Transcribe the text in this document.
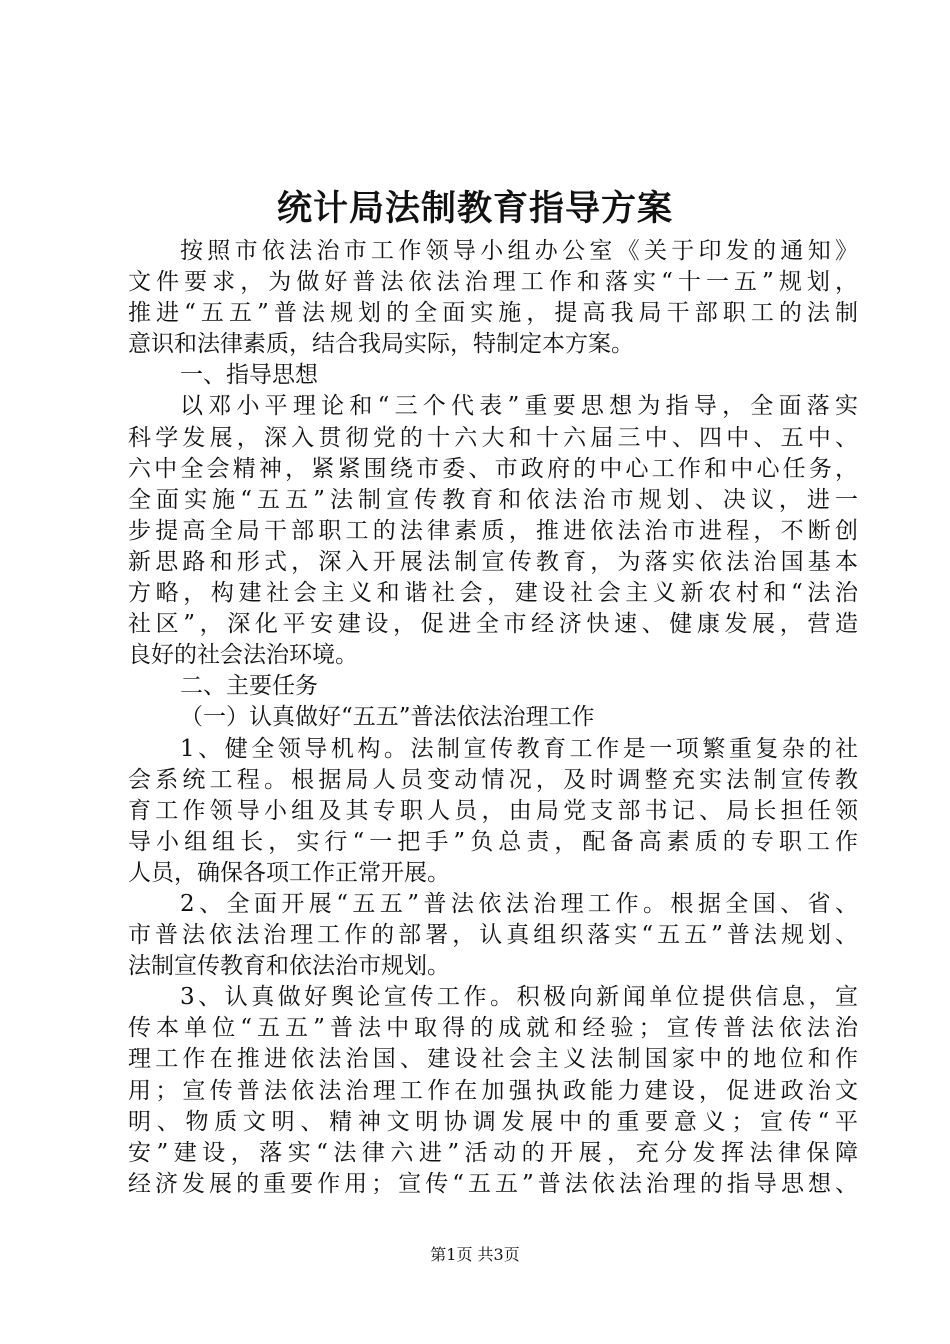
统计局法制教育指导方案
按照市依法治市工作领导小组办公室《关于印发的通知》
文件要求，为做好普法依法治理工作和落实“十一五”规划，
推进“五五”普法规划的全面实施，提高我局干部职工的法制
意识和法律素质，结合我局实际，特制定本方案。
一、指导思想
以邓小平理论和“三个代表”重要思想为指导，全面落实
科学发展，深入贯彻党的十六大和十六届三中、四中、五中、
六中全会精神，紧紧围绕市委、市政府的中心工作和中心任务，
全面实施“五五”法制宣传教育和依法治市规划、决议，进一
步提高全局干部职工的法律素质，推进依法治市进程，不断创
新思路和形式，深入开展法制宣传教育，为落实依法治国基本
方略，构建社会主义和谐社会，建设社会主义新农村和“法治
社区”，深化平安建设，促进全市经济快速、健康发展，营造
良好的社会法治环境。
二、主要任务
（一）认真做好“五五”普法依法治理工作
1、健全领导机构。法制宣传教育工作是一项繁重复杂的社
会系统工程。根据局人员变动情况，及时调整充实法制宣传教
育工作领导小组及其专职人员，由局党支部书记、局长担任领
导小组组长，实行“一把手”负总责，配备高素质的专职工作
人员，确保各项工作正常开展。
2、全面开展“五五”普法依法治理工作。根据全国、省、
市普法依法治理工作的部署，认真组织落实“五五”普法规划、
法制宣传教育和依法治市规划。
3、认真做好舆论宣传工作。积极向新闻单位提供信息，宣
传本单位“五五”普法中取得的成就和经验；宣传普法依法治
理工作在推进依法治国、建设社会主义法制国家中的地位和作
用；宣传普法依法治理工作在加强执政能力建设，促进政治文
明、物质文明、精神文明协调发展中的重要意义；宣传“平
安”建设，落实“法律六进”活动的开展，充分发挥法律保障
经济发展的重要作用；宣传“五五”普法依法治理的指导思想、
第1页 共3页
